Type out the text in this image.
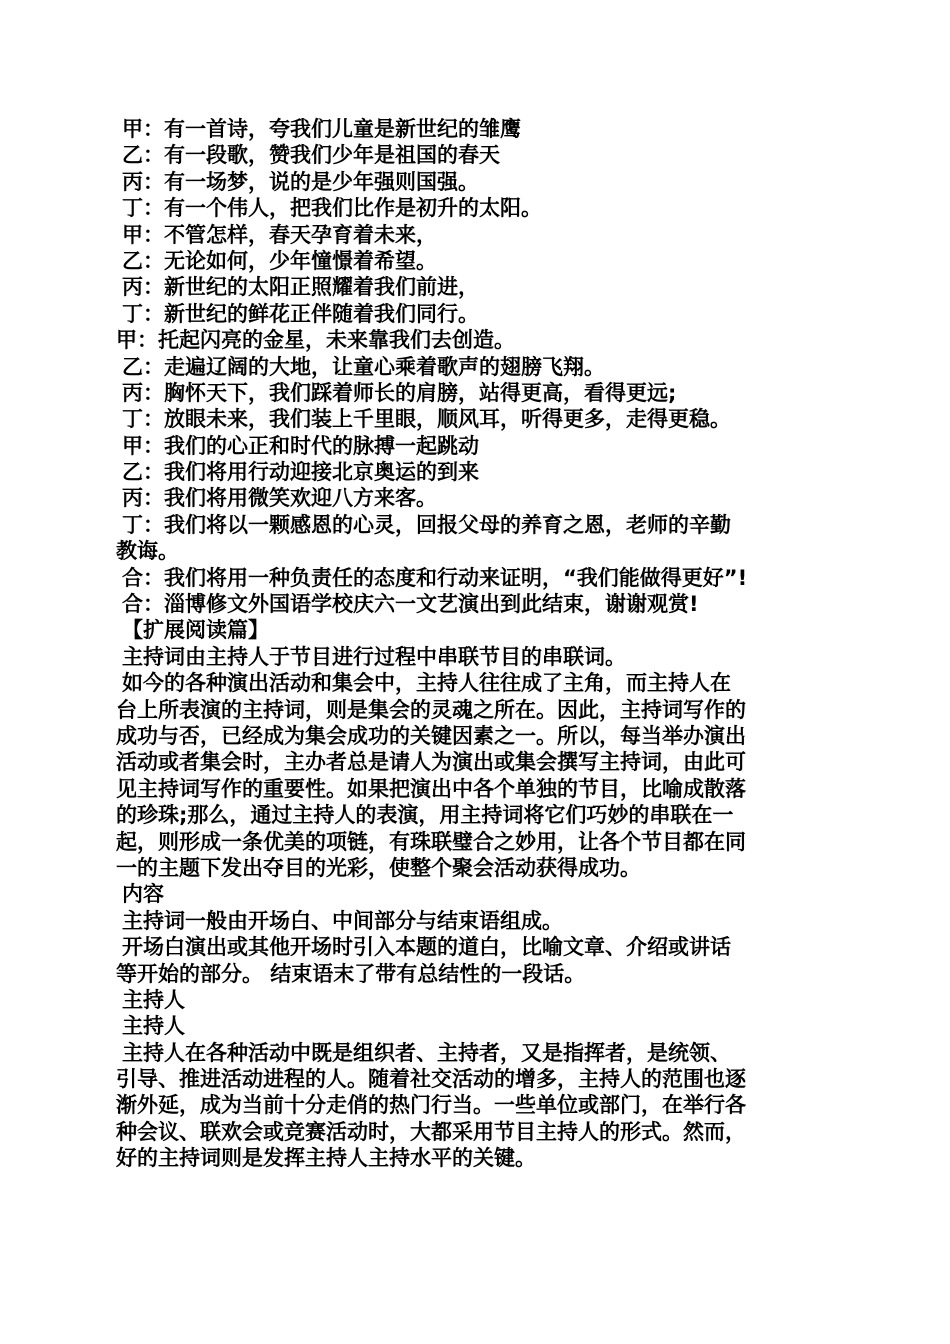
甲：有一首诗，夸我们儿童是新世纪的雏鹰
乙：有一段歌，赞我们少年是祖国的春天
丙：有一场梦，说的是少年强则国强。
丁：有一个伟人，把我们比作是初升的太阳。
甲：不管怎样，春天孕育着未来，
乙：无论如何，少年憧憬着希望。
丙：新世纪的太阳正照耀着我们前进，
丁：新世纪的鲜花正伴随着我们同行。
甲：托起闪亮的金星，未来靠我们去创造。
乙：走遍辽阔的大地，让童心乘着歌声的翅膀飞翔。
丙：胸怀天下，我们踩着师长的肩膀，站得更高，看得更远;
丁：放眼未来，我们装上千里眼，顺风耳，听得更多，走得更稳。
甲：我们的心正和时代的脉搏一起跳动
乙：我们将用行动迎接北京奥运的到来
丙：我们将用微笑欢迎八方来客。
丁：我们将以一颗感恩的心灵，回报父母的养育之恩，老师的辛勤
教诲。
合：我们将用一种负责任的态度和行动来证明，“我们能做得更好”!
合：淄博修文外国语学校庆六一文艺演出到此结束，谢谢观赏!
【扩展阅读篇】
主持词由主持人于节目进行过程中串联节目的串联词。
如今的各种演出活动和集会中，主持人往往成了主角，而主持人在
台上所表演的主持词，则是集会的灵魂之所在。因此，主持词写作的
成功与否，已经成为集会成功的关键因素之一。所以，每当举办演出
活动或者集会时，主办者总是请人为演出或集会撰写主持词，由此可
见主持词写作的重要性。如果把演出中各个单独的节目，比喻成散落
的珍珠;那么，通过主持人的表演，用主持词将它们巧妙的串联在一
起，则形成一条优美的项链，有珠联璧合之妙用，让各个节目都在同
一的主题下发出夺目的光彩，使整个聚会活动获得成功。
内容
主持词一般由开场白、中间部分与结束语组成。
开场白演出或其他开场时引入本题的道白，比喻文章、介绍或讲话
等开始的部分。 结束语末了带有总结性的一段话。
主持人
主持人
主持人在各种活动中既是组织者、主持者，又是指挥者，是统领、
引导、推进活动进程的人。随着社交活动的增多，主持人的范围也逐
渐外延，成为当前十分走俏的热门行当。一些单位或部门，在举行各
种会议、联欢会或竞赛活动时，大都采用节目主持人的形式。然而，
好的主持词则是发挥主持人主持水平的关键。
